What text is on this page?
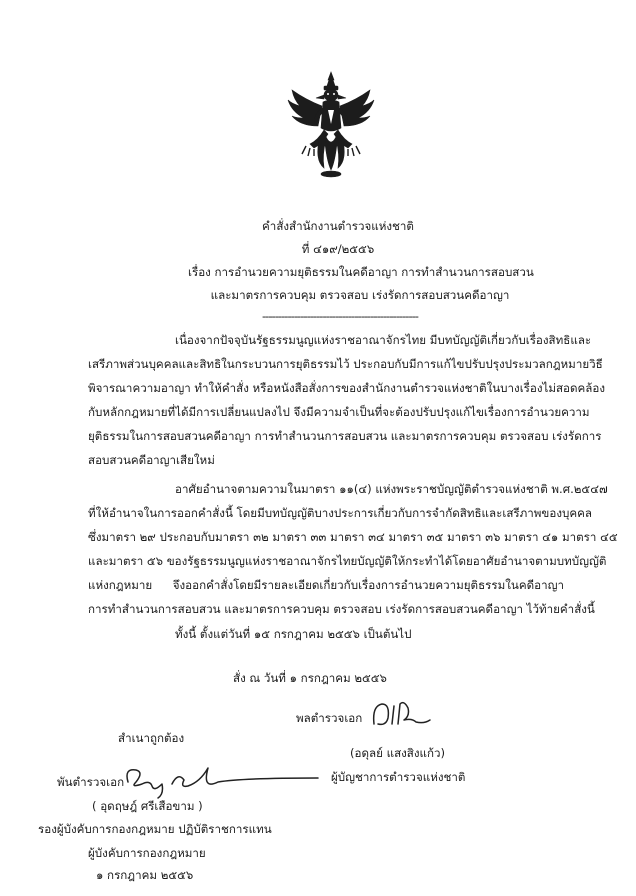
คำสั่งสำนักงานตำรวจแห่งชาติ
ที่ ๔๑๙/๒๕๕๖
เรื่อง การอำนวยความยุติธรรมในคดีอาญา การทำสำนวนการสอบสวน
และมาตรการควบคุม ตรวจสอบ เร่งรัดการสอบสวนคดีอาญา
-------------------------------------------------
เนื่องจากปัจจุบันรัฐธรรมนูญแห่งราชอาณาจักรไทย มีบทบัญญัติเกี่ยวกับเรื่องสิทธิและ
เสรีภาพส่วนบุคคลและสิทธิในกระบวนการยุติธรรมไว้ ประกอบกับมีการแก้ไขปรับปรุงประมวลกฎหมายวิธี
พิจารณาความอาญา ทำให้คำสั่ง หรือหนังสือสั่งการของสำนักงานตำรวจแห่งชาติในบางเรื่องไม่สอดคล้อง
กับหลักกฎหมายที่ได้มีการเปลี่ยนแปลงไป จึงมีความจำเป็นที่จะต้องปรับปรุงแก้ไขเรื่องการอำนวยความ
ยุติธรรมในการสอบสวนคดีอาญา การทำสำนวนการสอบสวน และมาตรการควบคุม ตรวจสอบ เร่งรัดการ
สอบสวนคดีอาญาเสียใหม่
อาศัยอำนาจตามความในมาตรา ๑๑(๔) แห่งพระราชบัญญัติตำรวจแห่งชาติ พ.ศ.๒๕๔๗
ที่ให้อำนาจในการออกคำสั่งนี้ โดยมีบทบัญญัติบางประการเกี่ยวกับการจำกัดสิทธิและเสรีภาพของบุคคล
ซึ่งมาตรา ๒๙ ประกอบกับมาตรา ๓๒ มาตรา ๓๓ มาตรา ๓๔ มาตรา ๓๕ มาตรา ๓๖ มาตรา ๔๑ มาตรา ๔๕
และมาตรา ๕๖ ของรัฐธรรมนูญแห่งราชอาณาจักรไทยบัญญัติให้กระทำได้โดยอาศัยอำนาจตามบทบัญญัติ
แห่งกฎหมาย จึงออกคำสั่งโดยมีรายละเอียดเกี่ยวกับเรื่องการอำนวยความยุติธรรมในคดีอาญา
การทำสำนวนการสอบสวน และมาตรการควบคุม ตรวจสอบ เร่งรัดการสอบสวนคดีอาญา ไว้ท้ายคำสั่งนี้
ทั้งนี้ ตั้งแต่วันที่ ๑๕ กรกฎาคม ๒๕๕๖ เป็นต้นไป
สั่ง ณ วันที่ ๑ กรกฎาคม ๒๕๕๖
พลตำรวจเอก
(อดุลย์ แสงสิงแก้ว)
ผู้บัญชาการตำรวจแห่งชาติ
สำเนาถูกต้อง
พันตำรวจเอก
( อุดฤษฎ์ ศรีเสือขาม )
รองผู้บังคับการกองกฎหมาย ปฏิบัติราชการแทน
ผู้บังคับการกองกฎหมาย
๑ กรกฎาคม ๒๕๕๖
